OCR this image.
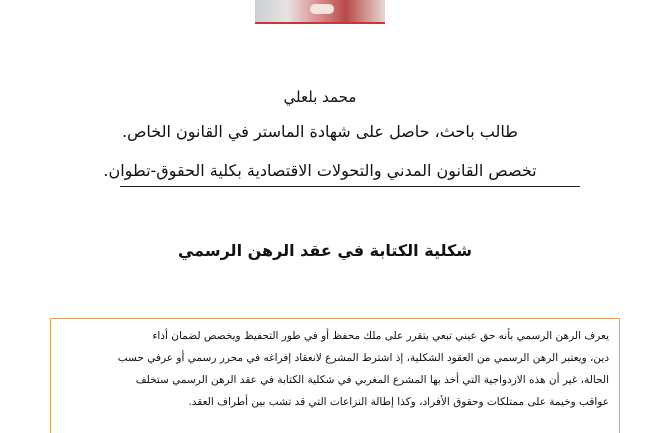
محمد بلعلي
طالب باحث، حاصل على شهادة الماستر في القانون الخاص.
تخصص القانون المدني والتحولات الاقتصادية بكلية الحقوق-تطوان.
شكلية الكتابة في عقد الرهن الرسمي

يعرف الرهن الرسمي بأنه حق عيني تبعي يتقرر على ملك محفظ أو في طور التحفيظ ويخصص لضمان أداء
دين، ويعتبر الرهن الرسمي من العقود الشكلية، إذ اشترط المشرع لانعقاد إفراغه في محرر رسمي أو عرفي حسب
الحالة، غير أن هذه الازدواجية التي أخذ بها المشرع المغربي في شكلية الكتابة في عقد الرهن الرسمي ستخلف
عواقب وخيمة على ممتلكات وحقوق الأفراد، وكذا إطالة النزاعات التي قد تشب بين أطراف العقد.
